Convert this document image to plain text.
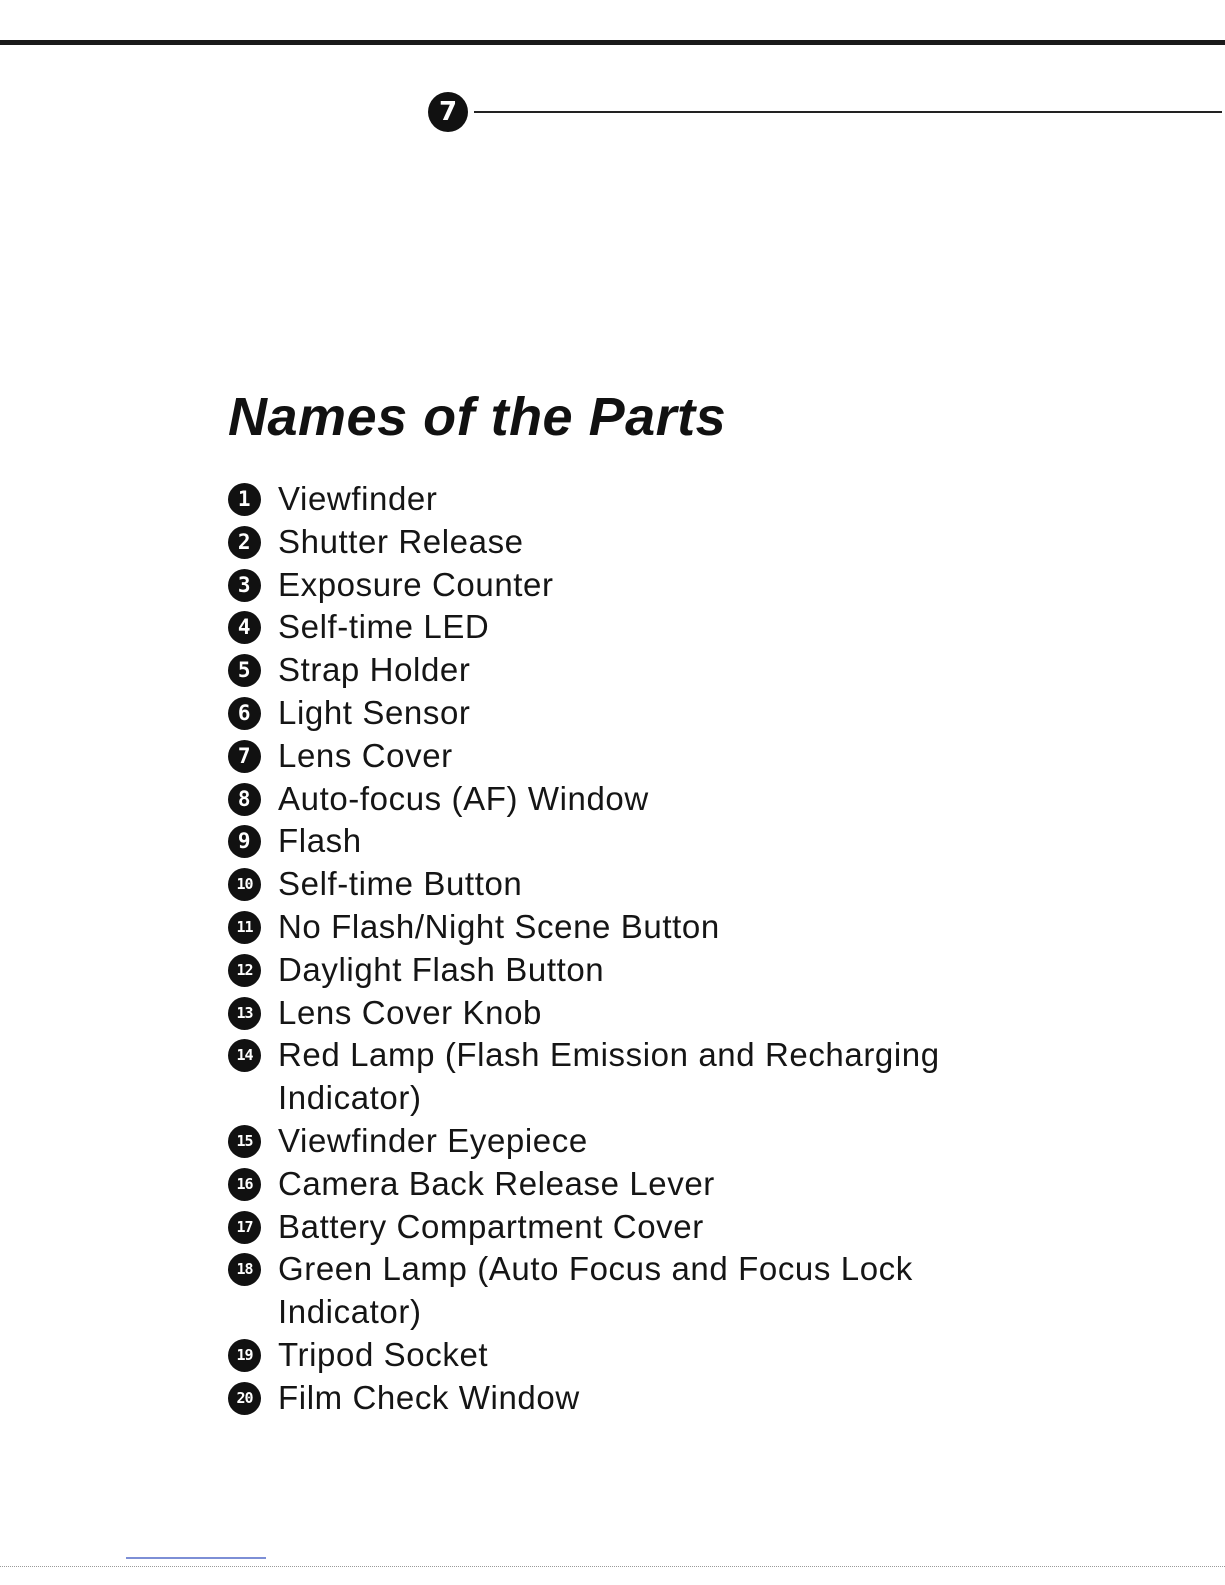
7
Names of the Parts
1 Viewfinder
2 Shutter Release
3 Exposure Counter
4 Self-time LED
5 Strap Holder
6 Light Sensor
7 Lens Cover
8 Auto-focus (AF) Window
9 Flash
10 Self-time Button
11 No Flash/Night Scene Button
12 Daylight Flash Button
13 Lens Cover Knob
14 Red Lamp (Flash Emission and Recharging Indicator)
15 Viewfinder Eyepiece
16 Camera Back Release Lever
17 Battery Compartment Cover
18 Green Lamp (Auto Focus and Focus Lock Indicator)
19 Tripod Socket
20 Film Check Window
